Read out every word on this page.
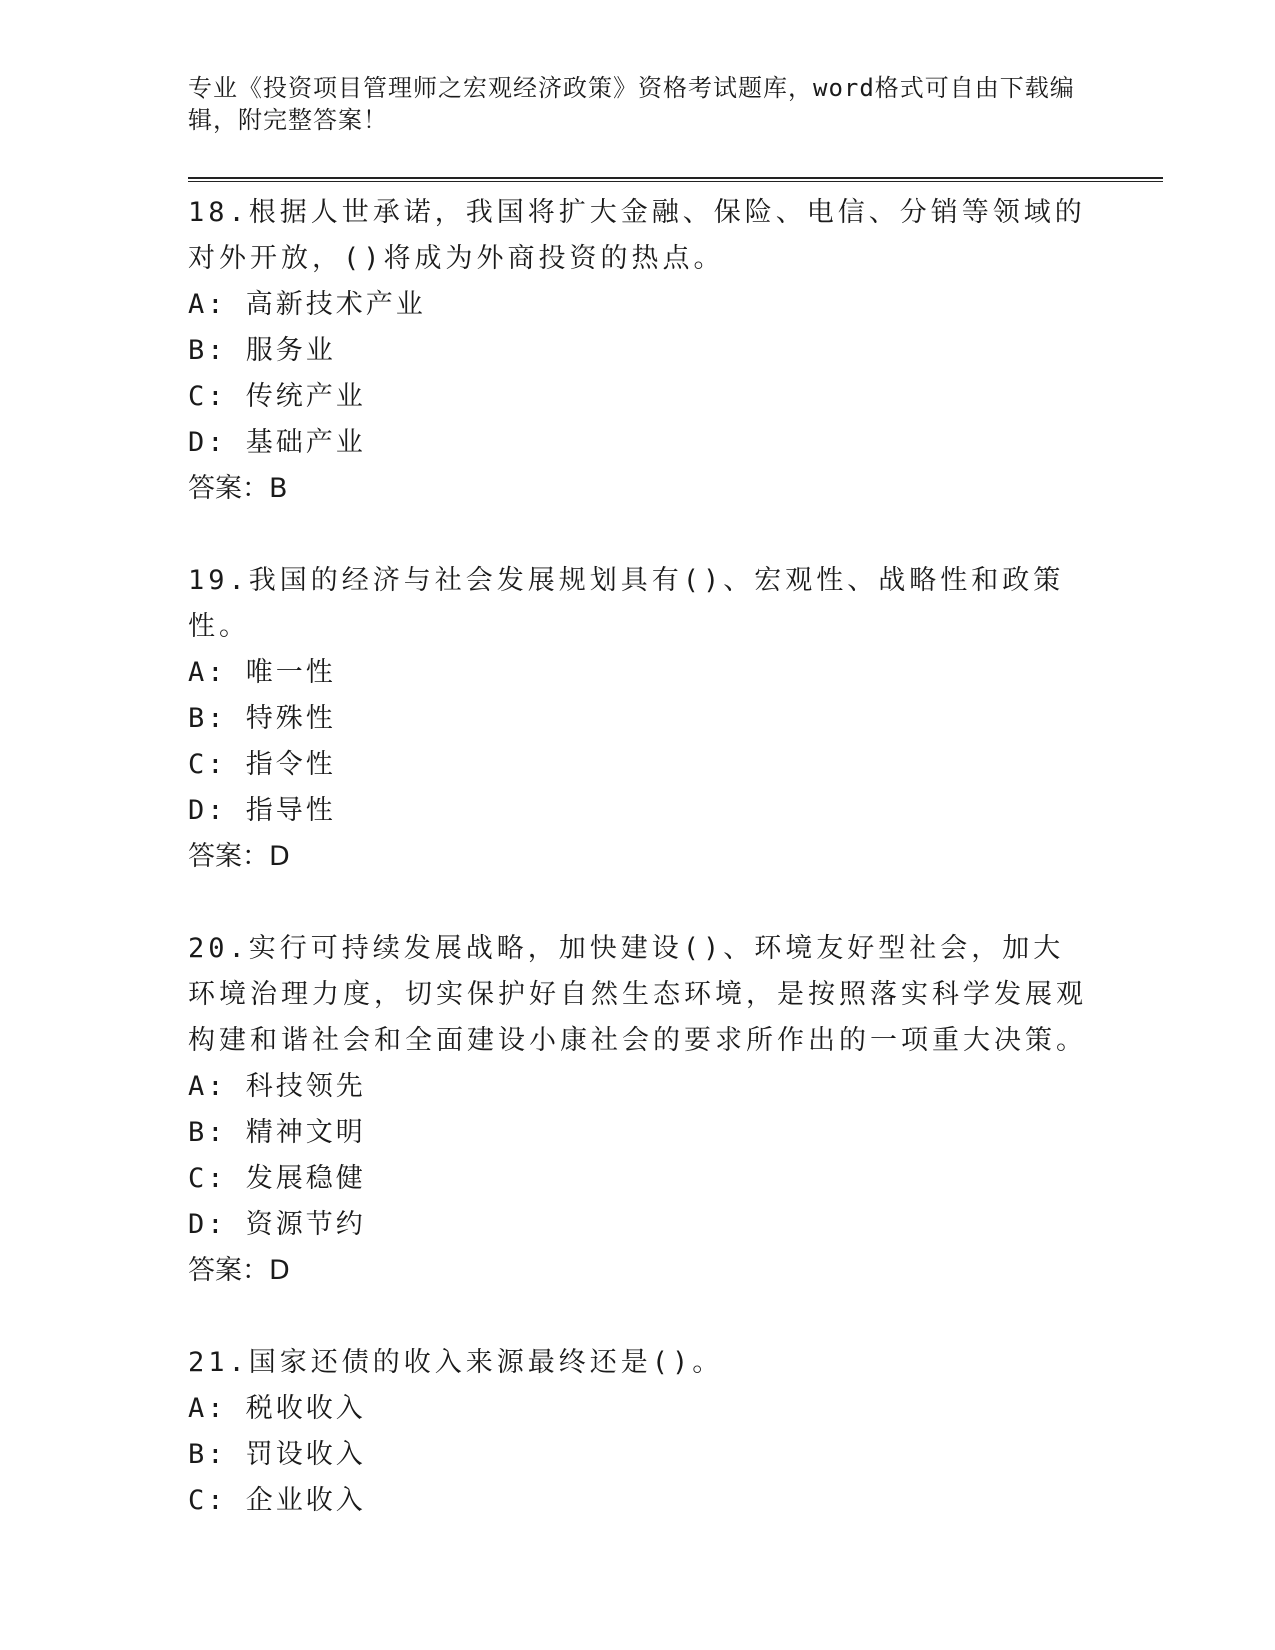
专业《投资项目管理师之宏观经济政策》资格考试题库，word格式可自由下载编辑，附完整答案！

18.根据人世承诺，我国将扩大金融、保险、电信、分销等领域的对外开放，()将成为外商投资的热点。

A: 高新技术产业

B: 服务业

C: 传统产业

D: 基础产业

答案：B

19.我国的经济与社会发展规划具有()、宏观性、战略性和政策性。

A: 唯一性

B: 特殊性

C: 指令性

D: 指导性

答案：D

20.实行可持续发展战略，加快建设()、环境友好型社会，加大环境治理力度，切实保护好自然生态环境，是按照落实科学发展观构建和谐社会和全面建设小康社会的要求所作出的一项重大决策。

A: 科技领先

B: 精神文明

C: 发展稳健

D: 资源节约

答案：D

21.国家还债的收入来源最终还是()。

A: 税收收入

B: 罚设收入

C: 企业收入
